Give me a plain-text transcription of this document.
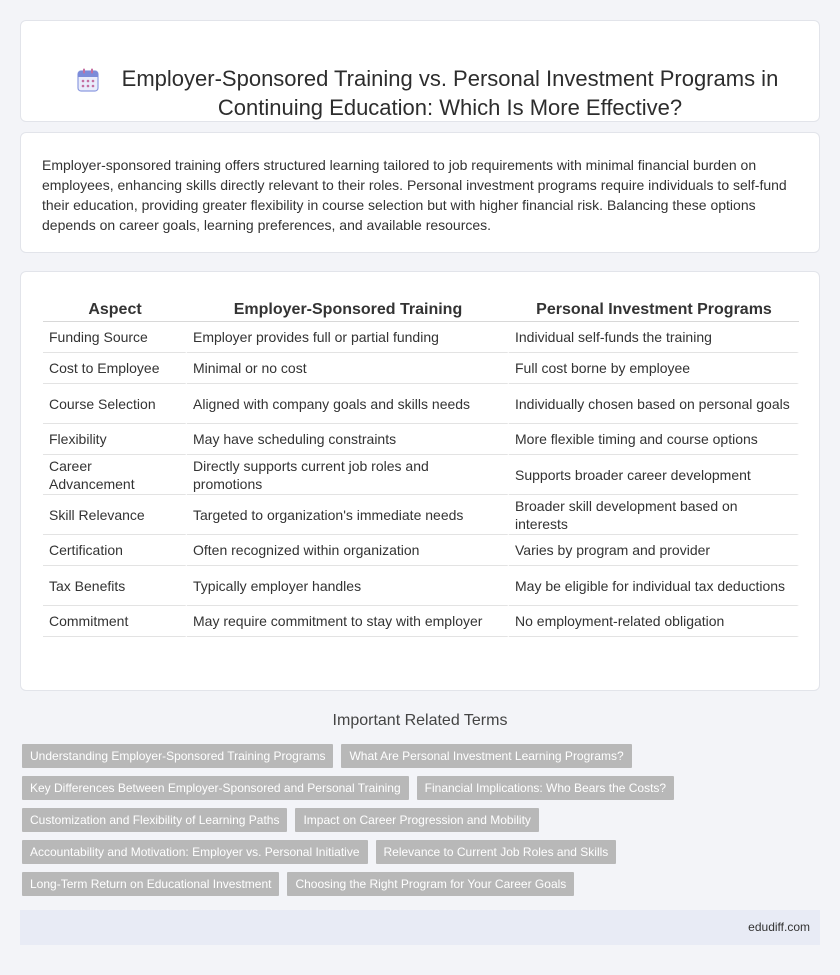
Employer-Sponsored Training vs. Personal Investment Programs in Continuing Education: Which Is More Effective?

Employer-sponsored training offers structured learning tailored to job requirements with minimal financial burden on employees, enhancing skills directly relevant to their roles. Personal investment programs require individuals to self-fund their education, providing greater flexibility in course selection but with higher financial risk. Balancing these options depends on career goals, learning preferences, and available resources.

Aspect	Employer-Sponsored Training	Personal Investment Programs
Funding Source	Employer provides full or partial funding	Individual self-funds the training
Cost to Employee	Minimal or no cost	Full cost borne by employee
Course Selection	Aligned with company goals and skills needs	Individually chosen based on personal goals
Flexibility	May have scheduling constraints	More flexible timing and course options
Career Advancement	Directly supports current job roles and promotions	Supports broader career development
Skill Relevance	Targeted to organization's immediate needs	Broader skill development based on interests
Certification	Often recognized within organization	Varies by program and provider
Tax Benefits	Typically employer handles	May be eligible for individual tax deductions
Commitment	May require commitment to stay with employer	No employment-related obligation
Important Related Terms
Understanding Employer-Sponsored Training Programs	What Are Personal Investment Learning Programs?
Key Differences Between Employer-Sponsored and Personal Training	Financial Implications: Who Bears the Costs?
Customization and Flexibility of Learning Paths	Impact on Career Progression and Mobility
Accountability and Motivation: Employer vs. Personal Initiative	Relevance to Current Job Roles and Skills
Long-Term Return on Educational Investment	Choosing the Right Program for Your Career Goals
edudiff.com
